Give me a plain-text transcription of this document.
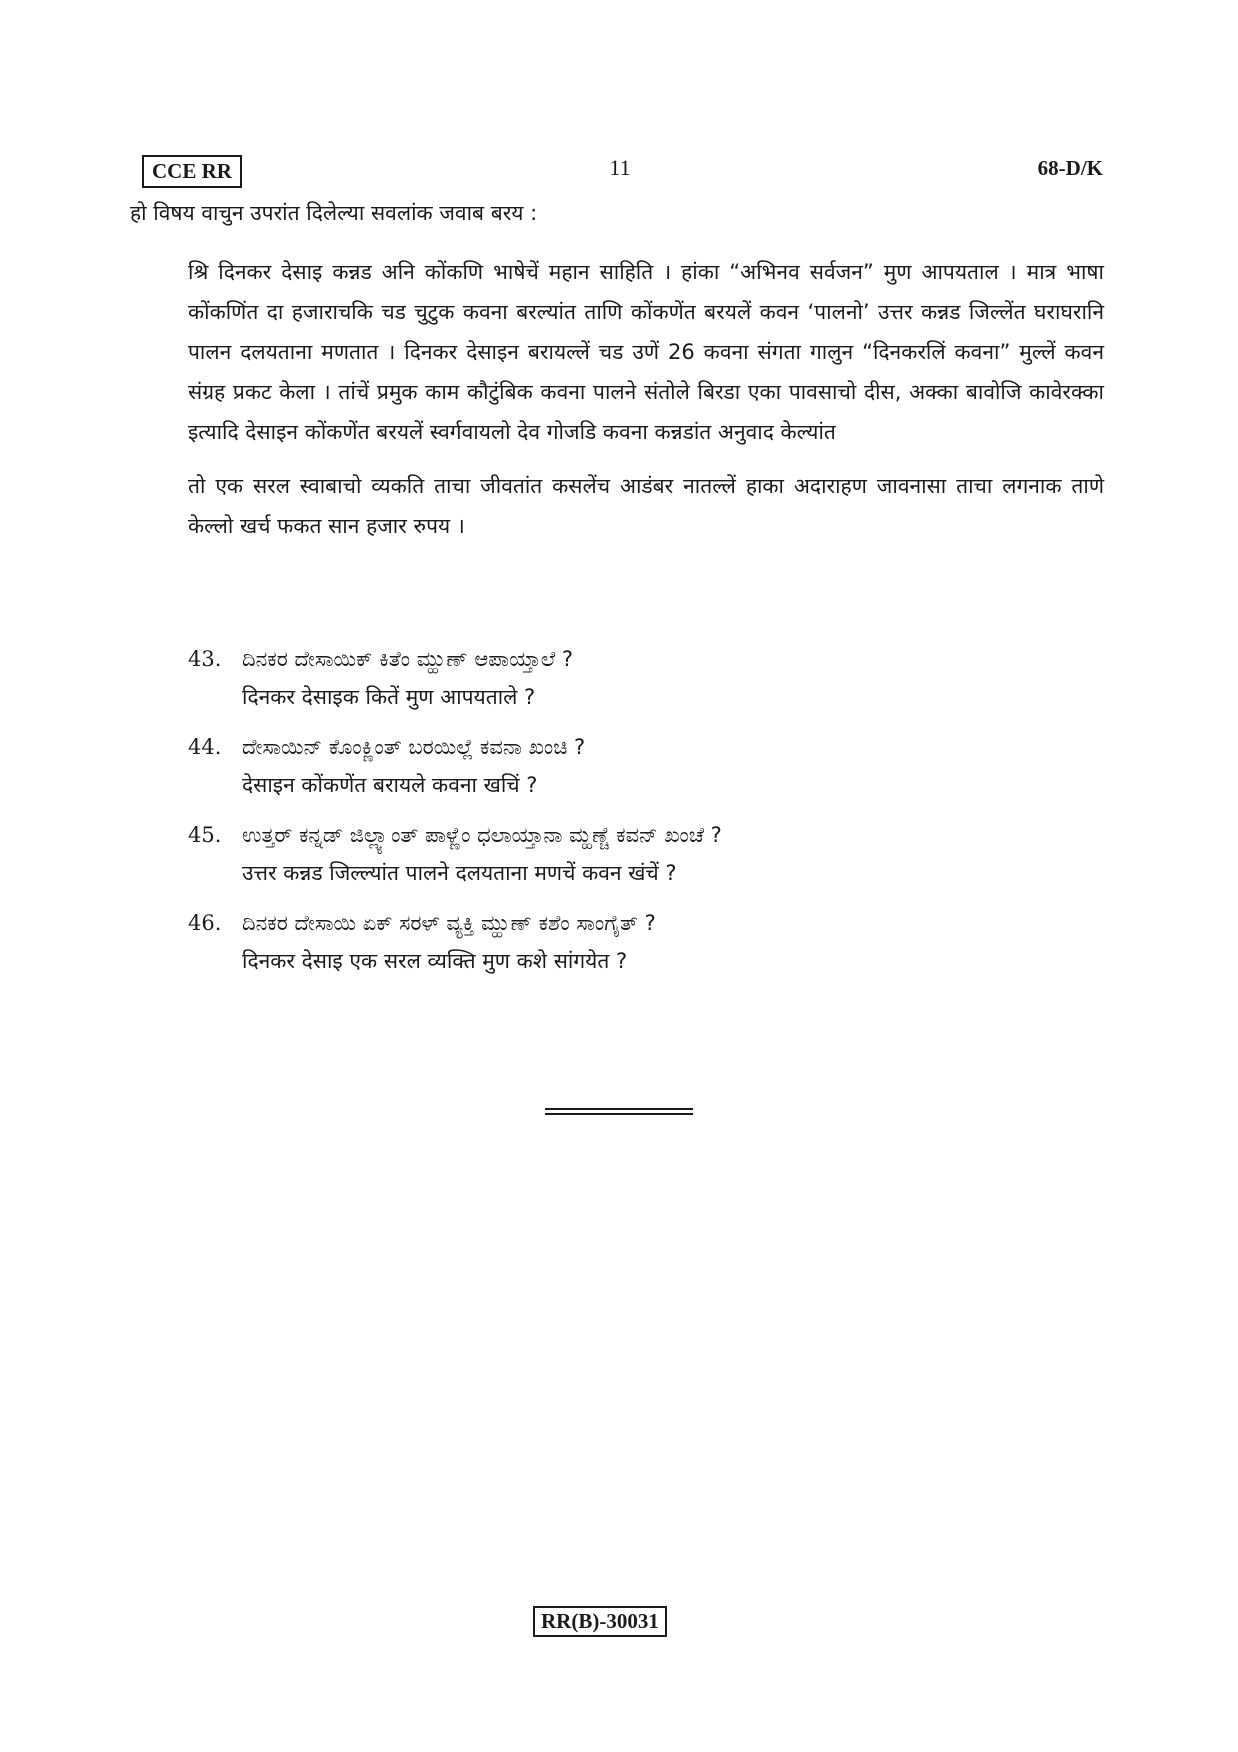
CCE RR	11	68-D/K
हो विषय वाचुन उपरांत दिलेल्या सवलांक जवाब बरय :

श्रि दिनकर देसाइ कन्नड अनि कोंकणि भाषेचें महान साहिति । हांका “अभिनव सर्वजन” मुण आपयताल । मात्र भाषा कोंकणिंत दा हजाराचकि चड चुटुक कवना बरल्यांत ताणि कोंकणेंत बरयलें कवन ‘पालनो’ उत्तर कन्नड जिल्लेंत घराघरानि पालन दलयताना मणतात । दिनकर देसाइन बरायल्लें चड उणें 26 कवना संगता गालुन “दिनकरलिं कवना” मुल्लें कवन संग्रह प्रकट केला । तांचें प्रमुक काम कौटुंबिक कवना पालने संतोले बिरडा एका पावसाचो दीस, अक्का बावोजि कावेरक्का इत्यादि देसाइन कोंकणेंत बरयलें स्वर्गवायलो देव गोजडि कवना कन्नडांत अनुवाद केल्यांत

तो एक सरल स्वाबाचो व्यकति ताचा जीवतांत कसलेंच आडंबर नातल्लें हाका अदाराहण जावनासा ताचा लगनाक ताणे केल्लो खर्च फकत सान हजार रुपय ।

43. ದಿನಕರ ದೇಸಾಯಿಕ್ ಕಿತೆಂ ಮ್ಹುಣ್ ಆಪಾಯ್ತಾಲೆ ?
दिनकर देसाइक कितें मुण आपयताले ?
44. ದೇಸಾಯಿನ್ ಕೊಂಕ್ಣಿಂತ್ ಬರಯಿಲ್ಲೆ ಕವನಾ ಖಂಚಿ ?
देसाइन कोंकणेंत बरायले कवना खचिं ?
45. ಉತ್ತರ್ ಕನ್ನಡ್ ಜಿಲ್ಲ್ಯಾಂತ್ ಪಾಳ್ಣೆಂ ಧಲಾಯ್ತಾನಾ ಮ್ಹಣ್ಚೆ ಕವನ್ ಖಂಚೆ ?
उत्तर कन्नड जिल्ल्यांत पालने दलयताना मणचें कवन खंचें ?
46. ದಿನಕರ ದೇಸಾಯಿ ಏಕ್ ಸರಳ್ ವ್ಯಕ್ತಿ ಮ್ಹುಣ್ ಕಶೆಂ ಸಾಂಗೈತ್ ?
दिनकर देसाइ एक सरल व्यक्ति मुण कशे सांगयेत ?
RR(B)-30031
